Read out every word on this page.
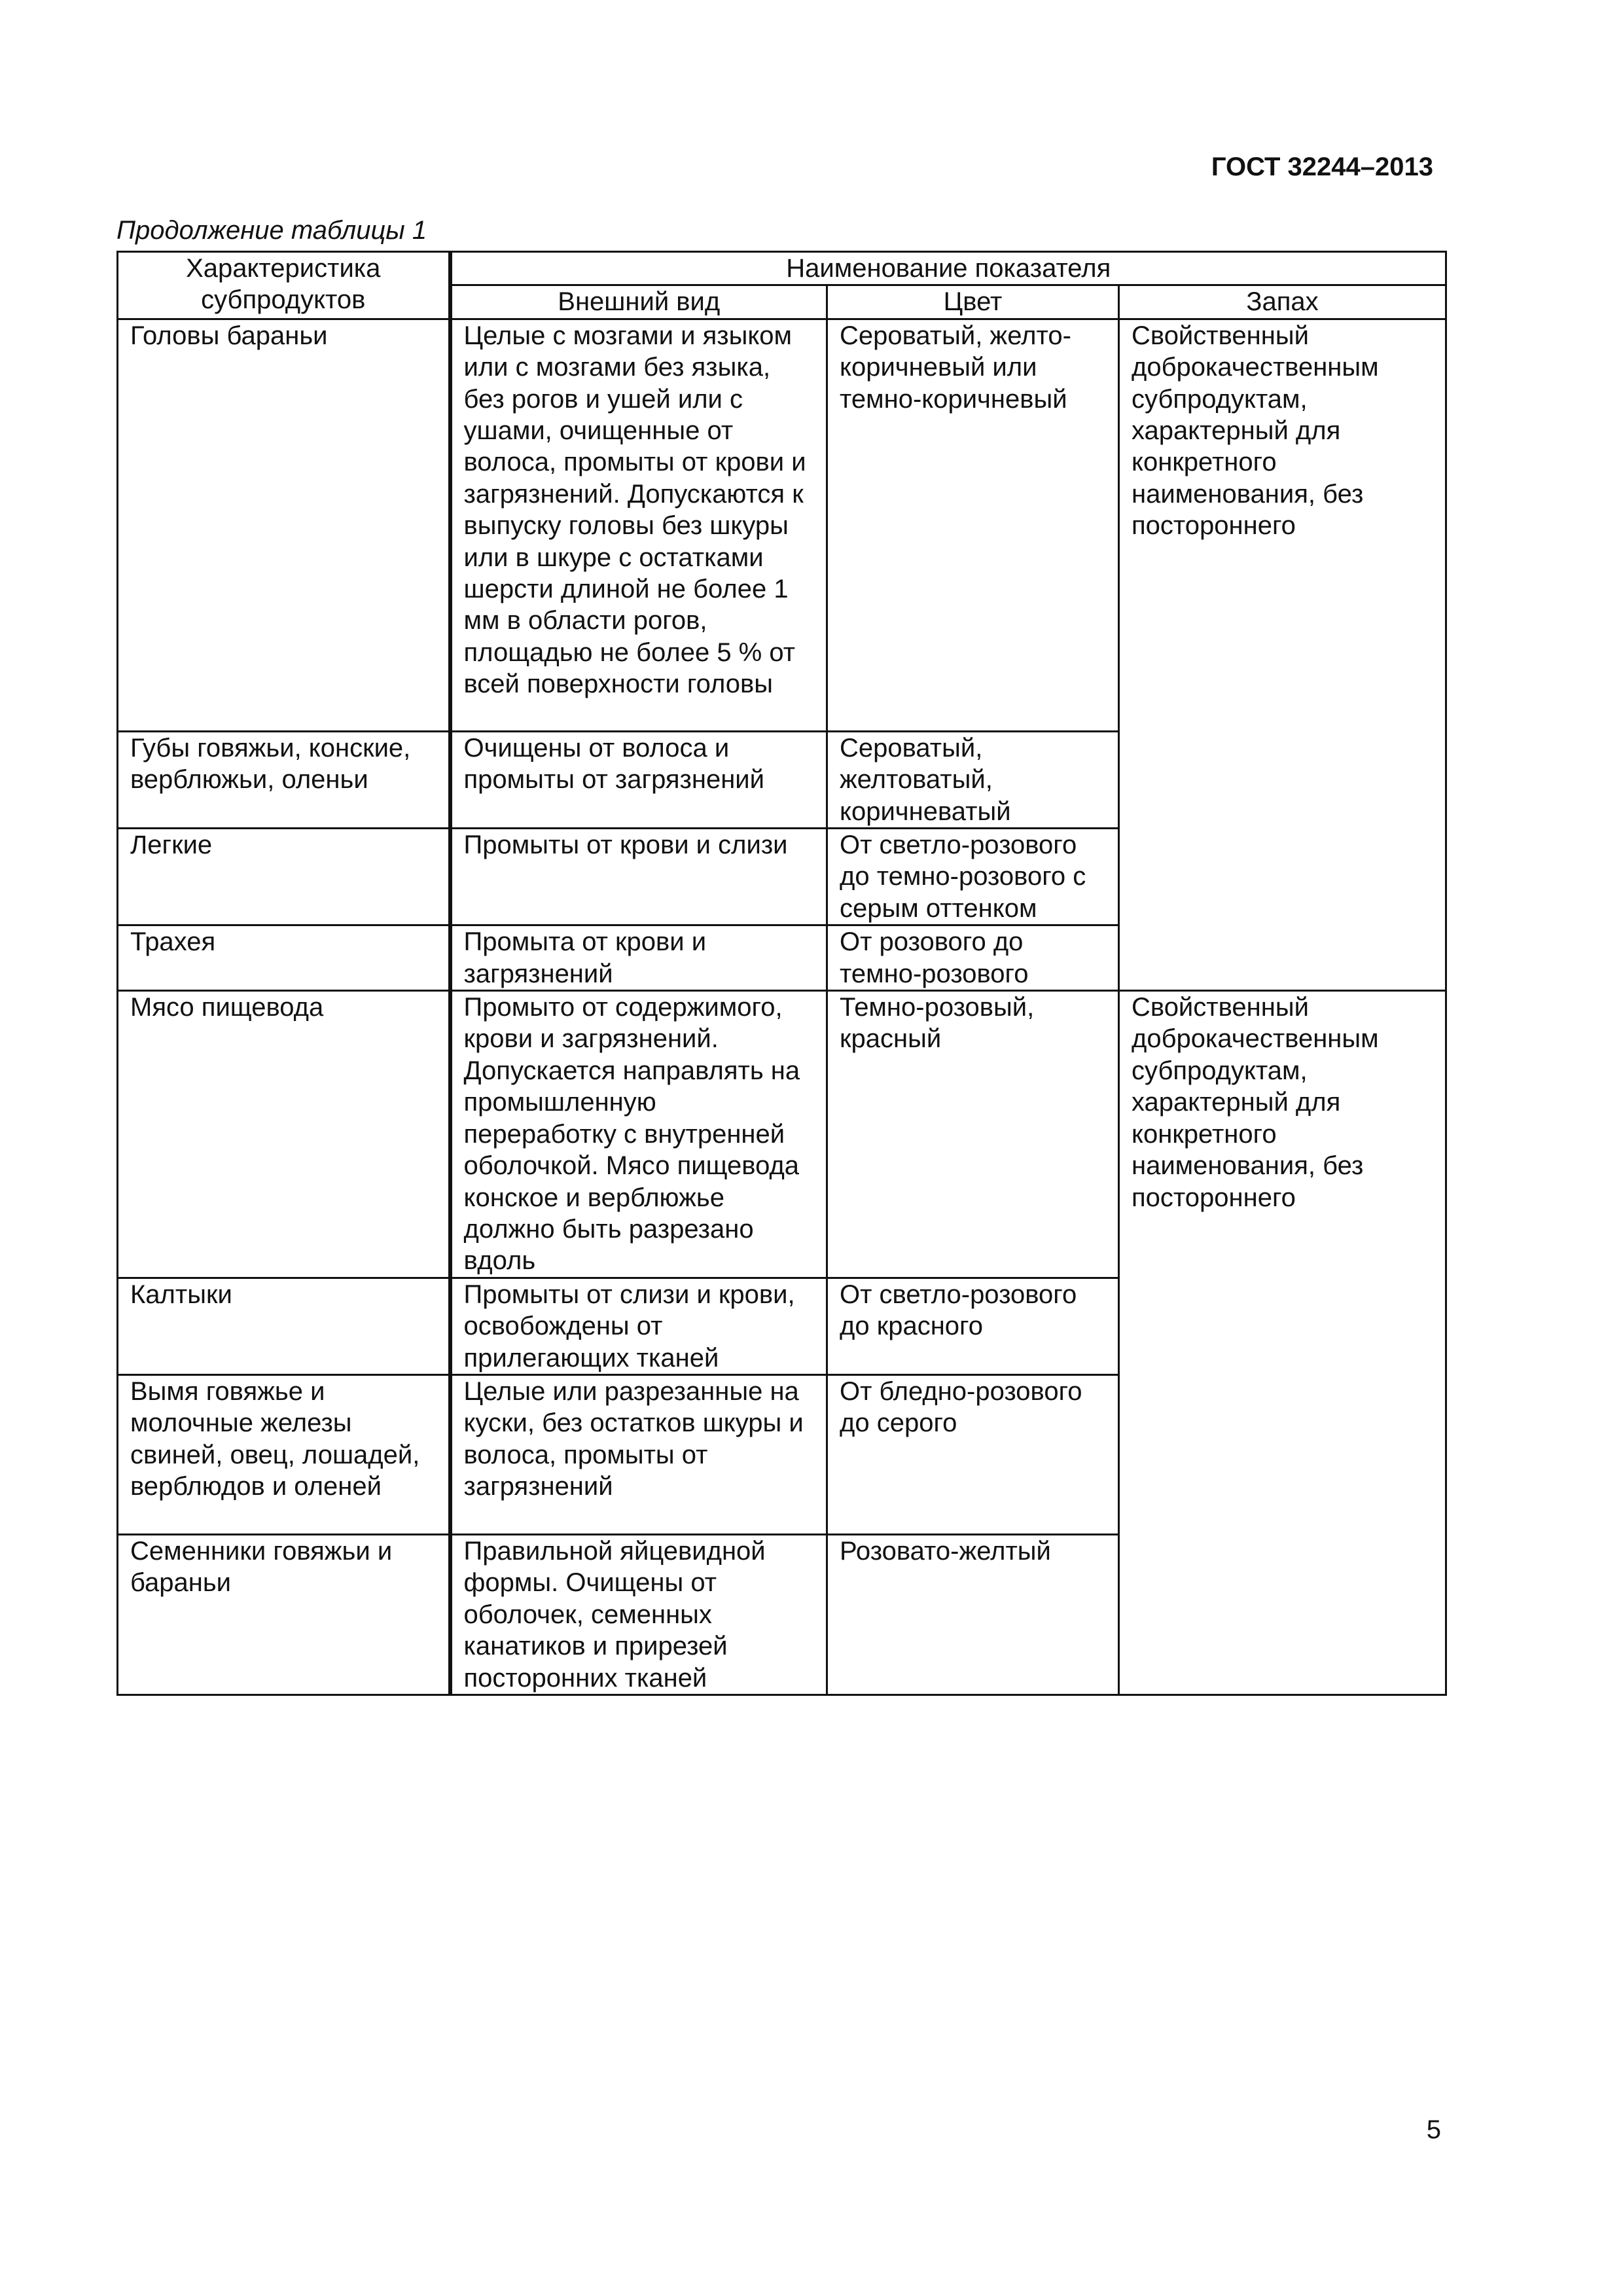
ГОСТ 32244–2013

Продолжение таблицы 1

Характеристика субпродуктов	Наименование показателя		
	Внешний вид	Цвет	Запах
Головы бараньи	Целые с мозгами и языком или с мозгами без языка, без рогов и ушей или с ушами, очищенные от волоса, промыты от крови и загрязнений. Допускаются к выпуску головы без шкуры или в шкуре с остатками шерсти длиной не более 1 мм в области рогов, площадью не более 5 % от всей поверхности головы	Сероватый, желто-коричневый или темно-коричневый	Свойственный доброкачественным субпродуктам, характерный для конкретного наименования, без постороннего
Губы говяжьи, конские, верблюжьи, оленьи	Очищены от волоса и промыты от загрязнений	Сероватый, желтоватый, коричневатый	
Легкие	Промыты от крови и слизи	От светло-розового до темно-розового с серым оттенком	
Трахея	Промыта от крови и загрязнений	От розового до темно-розового	
Мясо пищевода	Промыто от содержимого, крови и загрязнений. Допускается направлять на промышленную переработку с внутренней оболочкой. Мясо пищевода конское и верблюжье должно быть разрезано вдоль	Темно-розовый, красный	Свойственный доброкачественным субпродуктам, характерный для конкретного наименования, без постороннего
Калтыки	Промыты от слизи и крови, освобождены от прилегающих тканей	От светло-розового до красного	
Вымя говяжье и молочные железы свиней, овец, лошадей, верблюдов и оленей	Целые или разрезанные на куски, без остатков шкуры и волоса, промыты от загрязнений	От бледно-розового до серого	
Семенники говяжьи и бараньи	Правильной яйцевидной формы. Очищены от оболочек, семенных канатиков и прирезей посторонних тканей	Розовато-желтый	

5
